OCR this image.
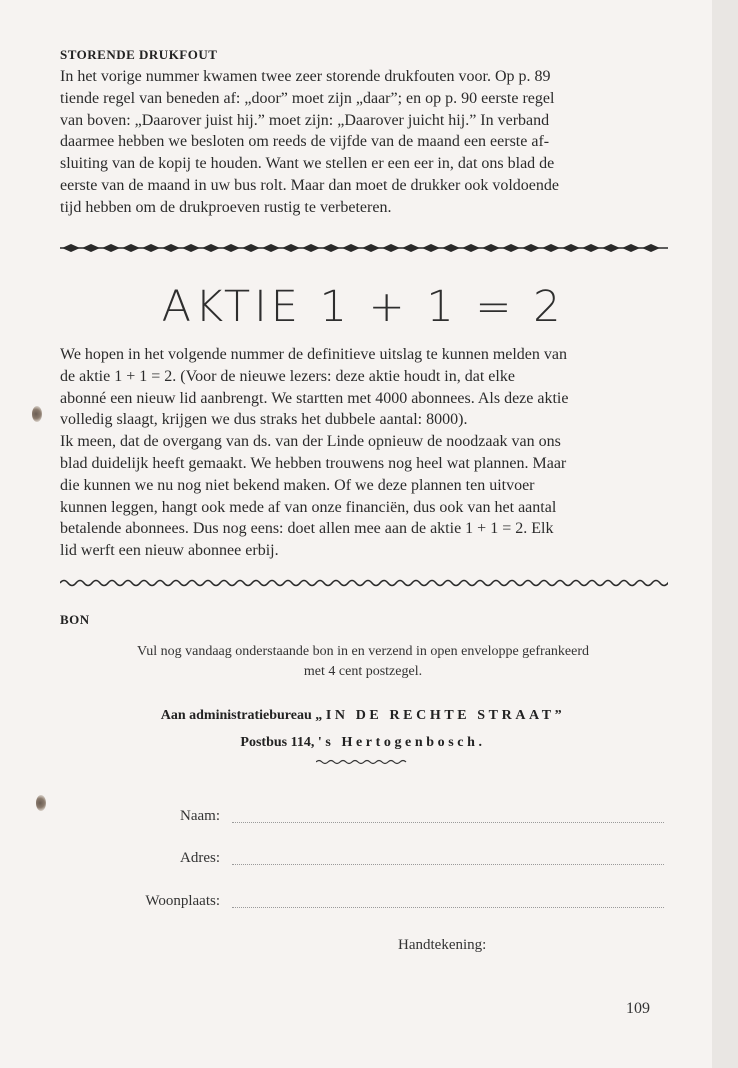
STORENDE DRUKFOUT

In het vorige nummer kwamen twee zeer storende drukfouten voor. Op p. 89

tiende regel van beneden af: „door” moet zijn „daar”; en op p. 90 eerste regel

van boven: „Daarover juist hij.” moet zijn: „Daarover juicht hij.” In verband

daarmee hebben we besloten om reeds de vijfde van de maand een eerste af-

sluiting van de kopij te houden. Want we stellen er een eer in, dat ons blad de

eerste van de maand in uw bus rolt. Maar dan moet de drukker ook voldoende

tijd hebben om de drukproeven rustig te verbeteren.

AKTIE 1 + 1 = 2

We hopen in het volgende nummer de definitieve uitslag te kunnen melden van

de aktie 1 + 1 = 2. (Voor de nieuwe lezers: deze aktie houdt in, dat elke

abonné een nieuw lid aanbrengt. We startten met 4000 abonnees. Als deze aktie

volledig slaagt, krijgen we dus straks het dubbele aantal: 8000).

Ik meen, dat de overgang van ds. van der Linde opnieuw de noodzaak van ons

blad duidelijk heeft gemaakt. We hebben trouwens nog heel wat plannen. Maar

die kunnen we nu nog niet bekend maken. Of we deze plannen ten uitvoer

kunnen leggen, hangt ook mede af van onze financiën, dus ook van het aantal

betalende abonnees. Dus nog eens: doet allen mee aan de aktie 1 + 1 = 2. Elk

lid werft een nieuw abonnee erbij.

BON
Vul nog vandaag onderstaande bon in en verzend in open enveloppe gefrankeerd
met 4 cent postzegel.
Aan administratiebureau „IN DE RECHTE STRAAT”
Postbus 114, 's Hertogenbosch.
Naam:
Adres:
Woonplaats:
Handtekening:
109
